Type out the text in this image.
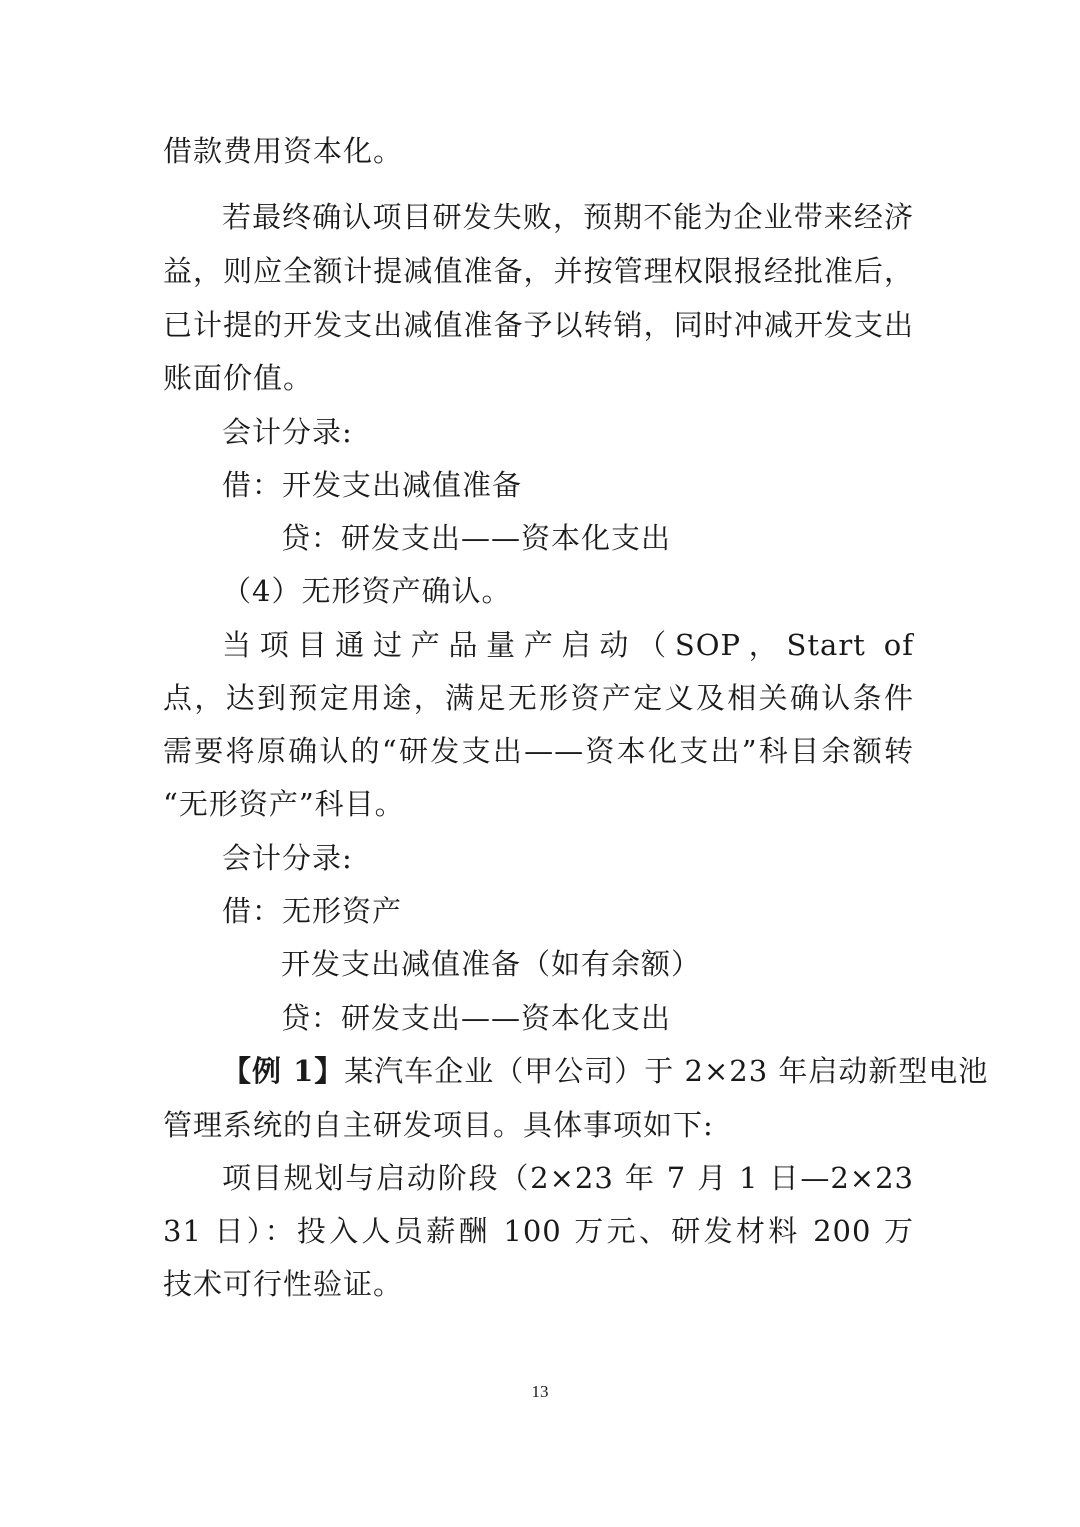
借款费用资本化。
若最终确认项目研发失败，预期不能为企业带来经济
益，则应全额计提减值准备，并按管理权限报经批准后，
已计提的开发支出减值准备予以转销，同时冲减开发支出
账面价值。
会计分录:
借：开发支出减值准备
贷：研发支出——资本化支出
（4）无形资产确认。
当项目通过产品量产启动（SOP，Start of
点，达到预定用途，满足无形资产定义及相关确认条件
需要将原确认的“研发支出——资本化支出”科目余额转
“无形资产”科目。
会计分录:
借：无形资产
开发支出减值准备（如有余额）
贷：研发支出——资本化支出
【例 1】某汽车企业（甲公司）于 2×23 年启动新型电池
管理系统的自主研发项目。具体事项如下:
项目规划与启动阶段（2×23 年 7 月 1 日—2×23
31 日）：投入人员薪酬 100 万元、研发材料 200 万
技术可行性验证。
13
